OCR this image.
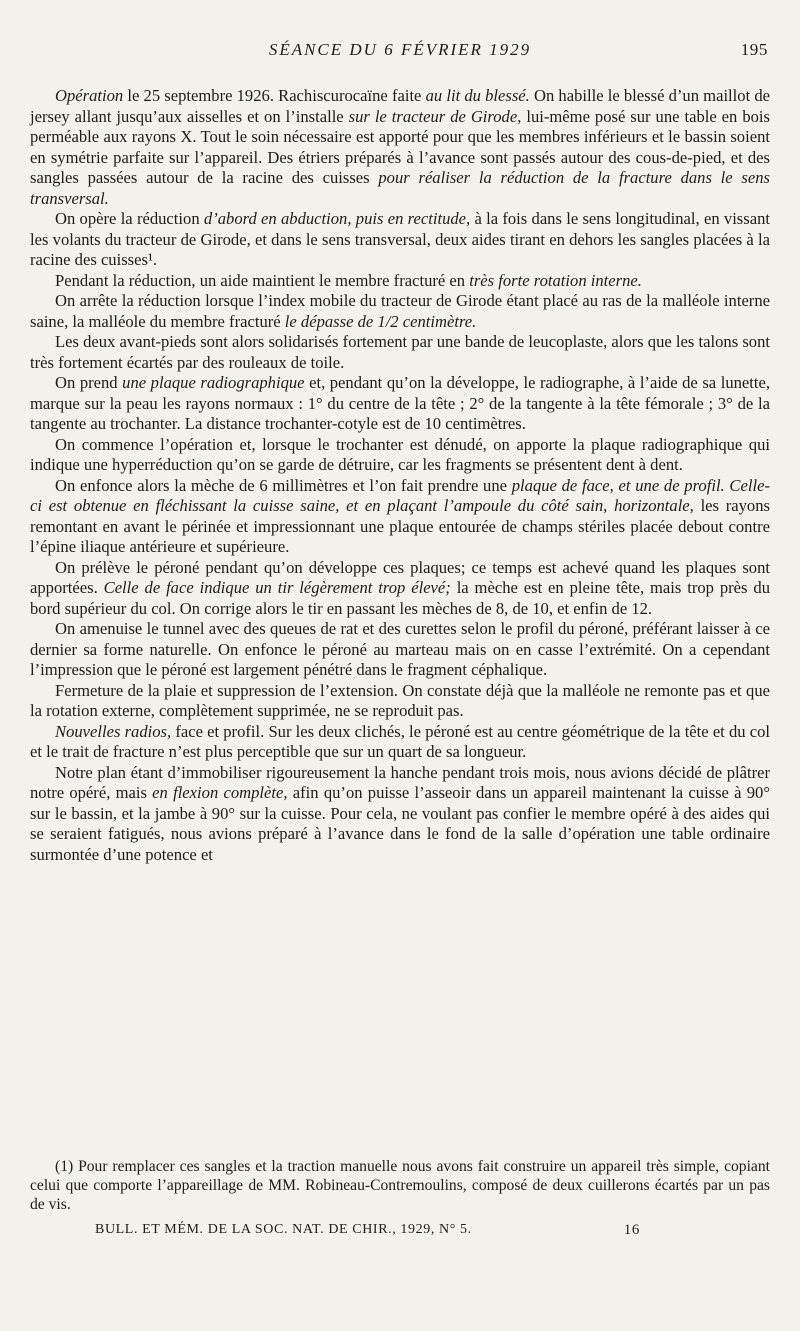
SÉANCE DU 6 FÉVRIER 1929	195

Opération le 25 septembre 1926. Rachiscurocaïne faite au lit du blessé. On habille le blessé d’un maillot de jersey allant jusqu’aux aisselles et on l’installe sur le tracteur de Girode, lui-même posé sur une table en bois perméable aux rayons X. Tout le soin nécessaire est apporté pour que les membres inférieurs et le bassin soient en symétrie parfaite sur l’appareil. Des étriers préparés à l’avance sont passés autour des cous-de-pied, et des sangles passées autour de la racine des cuisses pour réaliser la réduction de la fracture dans le sens transversal.

On opère la réduction d’abord en abduction, puis en rectitude, à la fois dans le sens longitudinal, en vissant les volants du tracteur de Girode, et dans le sens transversal, deux aides tirant en dehors les sangles placées à la racine des cuisses¹.

Pendant la réduction, un aide maintient le membre fracturé en très forte rotation interne.

On arrête la réduction lorsque l’index mobile du tracteur de Girode étant placé au ras de la malléole interne saine, la malléole du membre fracturé le dépasse de 1/2 centimètre.

Les deux avant-pieds sont alors solidarisés fortement par une bande de leucoplaste, alors que les talons sont très fortement écartés par des rouleaux de toile.

On prend une plaque radiographique et, pendant qu’on la développe, le radiographe, à l’aide de sa lunette, marque sur la peau les rayons normaux : 1° du centre de la tête ; 2° de la tangente à la tête fémorale ; 3° de la tangente au trochanter. La distance trochanter-cotyle est de 10 centimètres.

On commence l’opération et, lorsque le trochanter est dénudé, on apporte la plaque radiographique qui indique une hyperréduction qu’on se garde de détruire, car les fragments se présentent dent à dent.

On enfonce alors la mèche de 6 millimètres et l’on fait prendre une plaque de face, et une de profil. Celle-ci est obtenue en fléchissant la cuisse saine, et en plaçant l’ampoule du côté sain, horizontale, les rayons remontant en avant le périnée et impressionnant une plaque entourée de champs stériles placée debout contre l’épine iliaque antérieure et supérieure.

On prélève le péroné pendant qu’on développe ces plaques; ce temps est achevé quand les plaques sont apportées. Celle de face indique un tir légèrement trop élevé; la mèche est en pleine tête, mais trop près du bord supérieur du col. On corrige alors le tir en passant les mèches de 8, de 10, et enfin de 12.

On amenuise le tunnel avec des queues de rat et des curettes selon le profil du péroné, préférant laisser à ce dernier sa forme naturelle. On enfonce le péroné au marteau mais on en casse l’extrémité. On a cependant l’impression que le péroné est largement pénétré dans le fragment céphalique.

Fermeture de la plaie et suppression de l’extension. On constate déjà que la malléole ne remonte pas et que la rotation externe, complètement supprimée, ne se reproduit pas.

Nouvelles radios, face et profil. Sur les deux clichés, le péroné est au centre géométrique de la tête et du col et le trait de fracture n’est plus perceptible que sur un quart de sa longueur.

Notre plan étant d’immobiliser rigoureusement la hanche pendant trois mois, nous avions décidé de plâtrer notre opéré, mais en flexion complète, afin qu’on puisse l’asseoir dans un appareil maintenant la cuisse à 90° sur le bassin, et la jambe à 90° sur la cuisse. Pour cela, ne voulant pas confier le membre opéré à des aides qui se seraient fatigués, nous avions préparé à l’avance dans le fond de la salle d’opération une table ordinaire surmontée d’une potence et

(1) Pour remplacer ces sangles et la traction manuelle nous avons fait construire un appareil très simple, copiant celui que comporte l’appareillage de MM. Robineau-Contremoulins, composé de deux cuillerons écartés par un pas de vis.

BULL. ET MÉM. DE LA SOC. NAT. DE CHIR., 1929, N° 5.	16
